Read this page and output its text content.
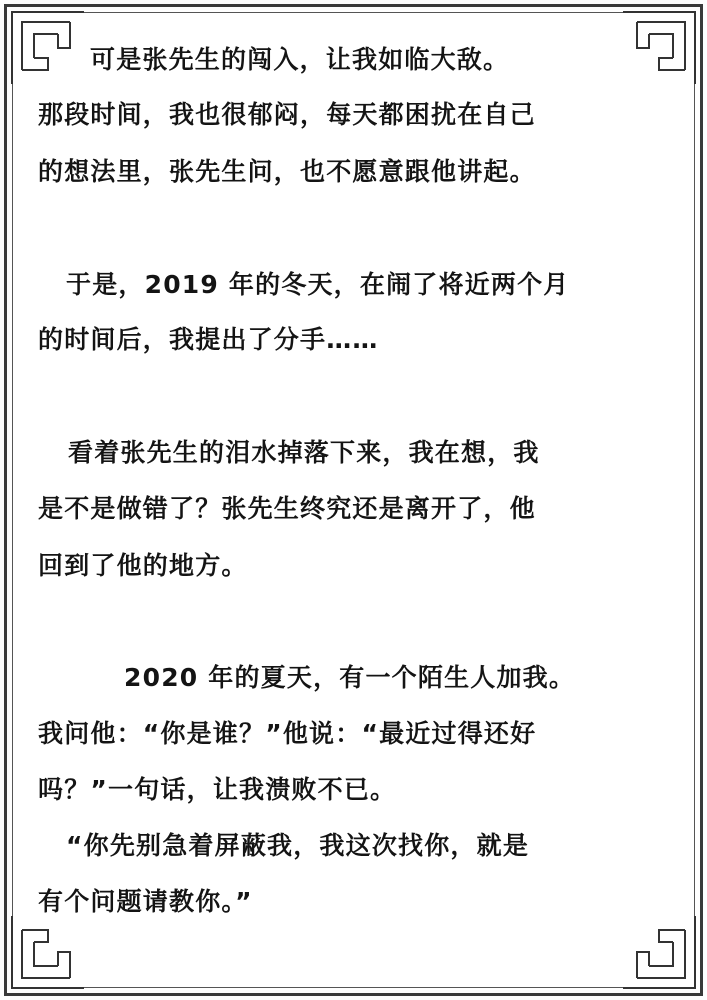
可是张先生的闯入，让我如临大敌。
那段时间，我也很郁闷，每天都困扰在自己
的想法里，张先生问，也不愿意跟他讲起。
于是，2019 年的冬天，在闹了将近两个月
的时间后，我提出了分手……
看着张先生的泪水掉落下来，我在想，我
是不是做错了？张先生终究还是离开了，他
回到了他的地方。
2020 年的夏天，有一个陌生人加我。
我问他：“你是谁？”他说：“最近过得还好
吗？”一句话，让我溃败不已。
“你先别急着屏蔽我，我这次找你，就是
有个问题请教你。”
